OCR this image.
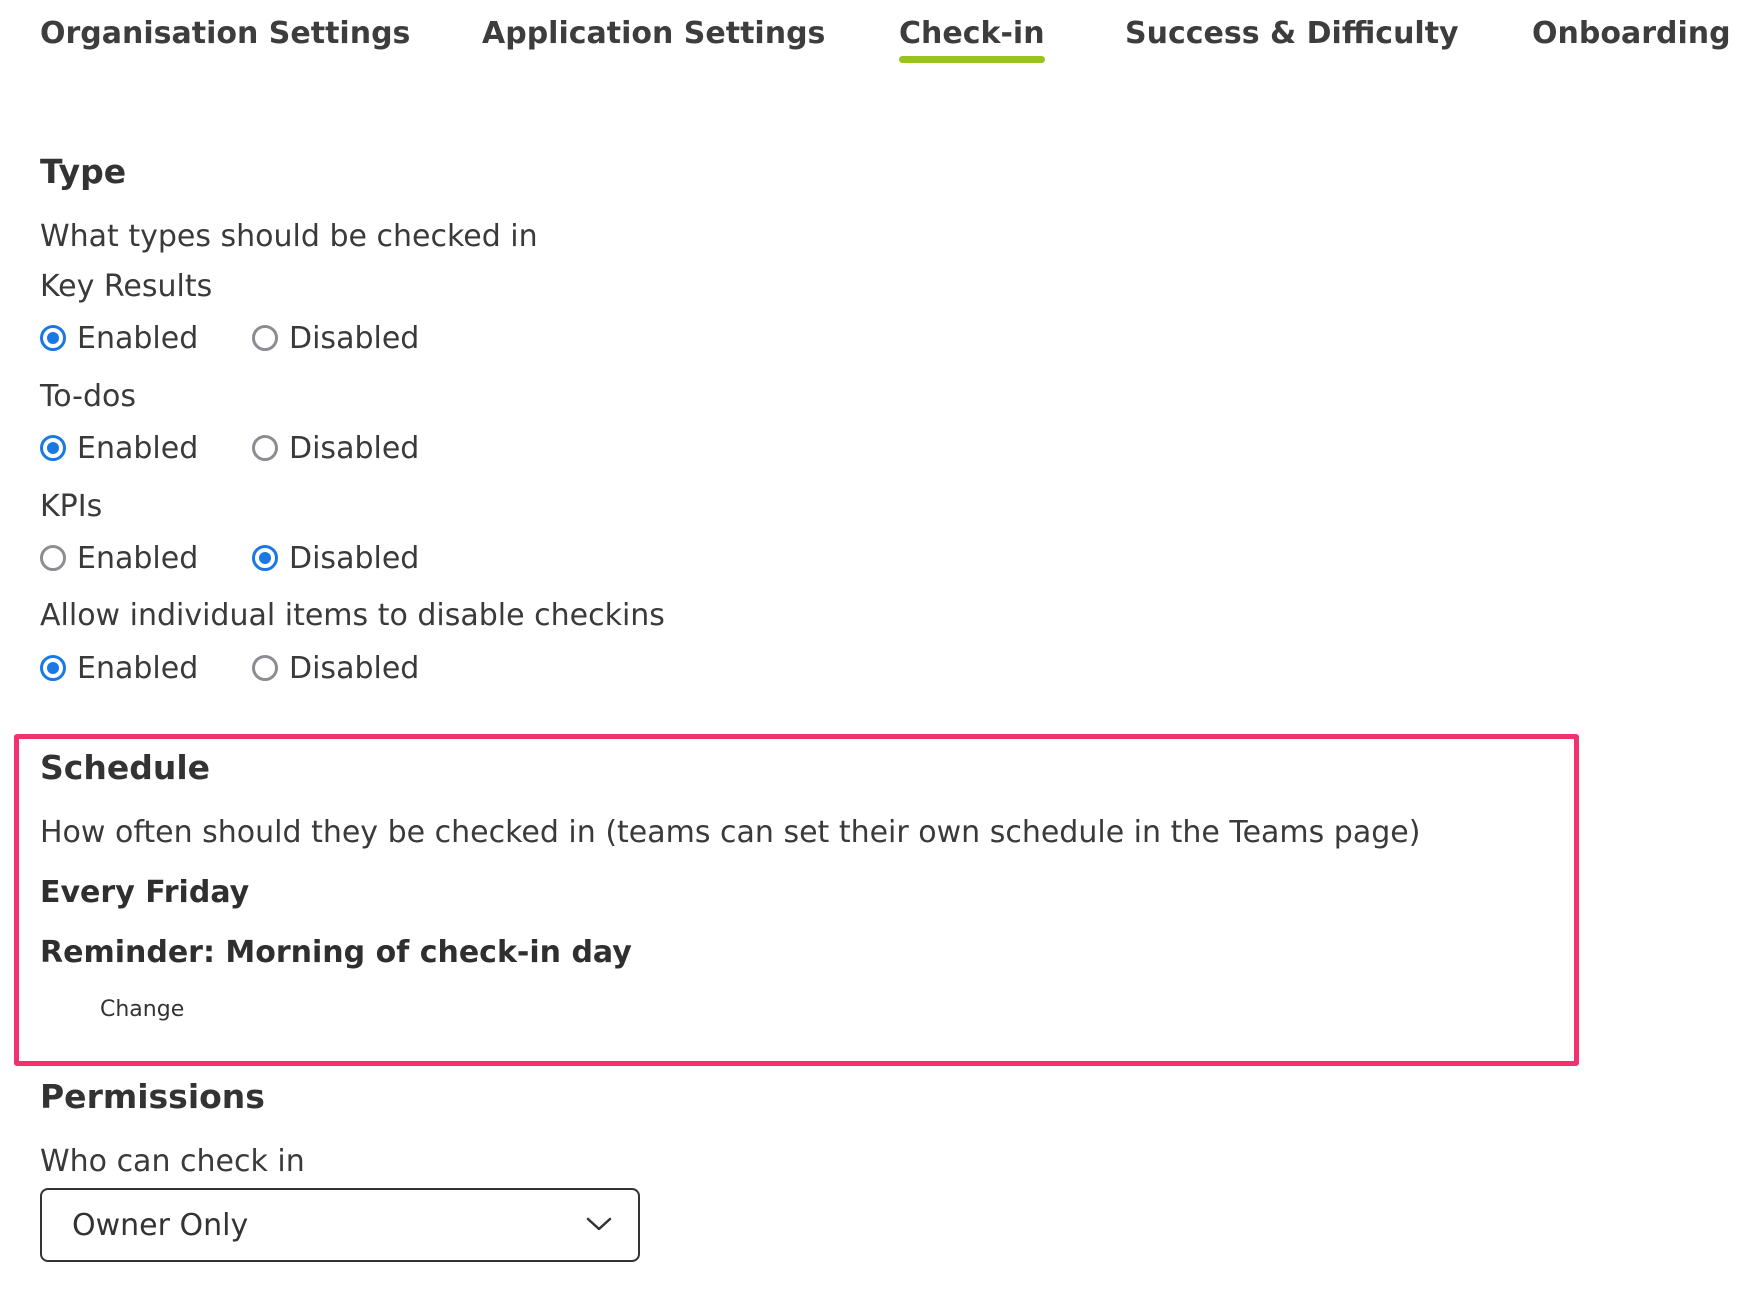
Organisation Settings Application Settings Check-in	Success & Difficulty Onboarding
Type
What types should be checked in
Key Results
Enabled	Disabled
To-dos
Enabled	Disabled
KPIs
Enabled	Disabled
Allow individual items to disable checkins
Enabled	Disabled
Schedule
How often should they be checked in (teams can set their own schedule in the Teams page)
Every Friday
Reminder: Morning of check-in day
Change
Permissions
Who can check in
Owner Only
